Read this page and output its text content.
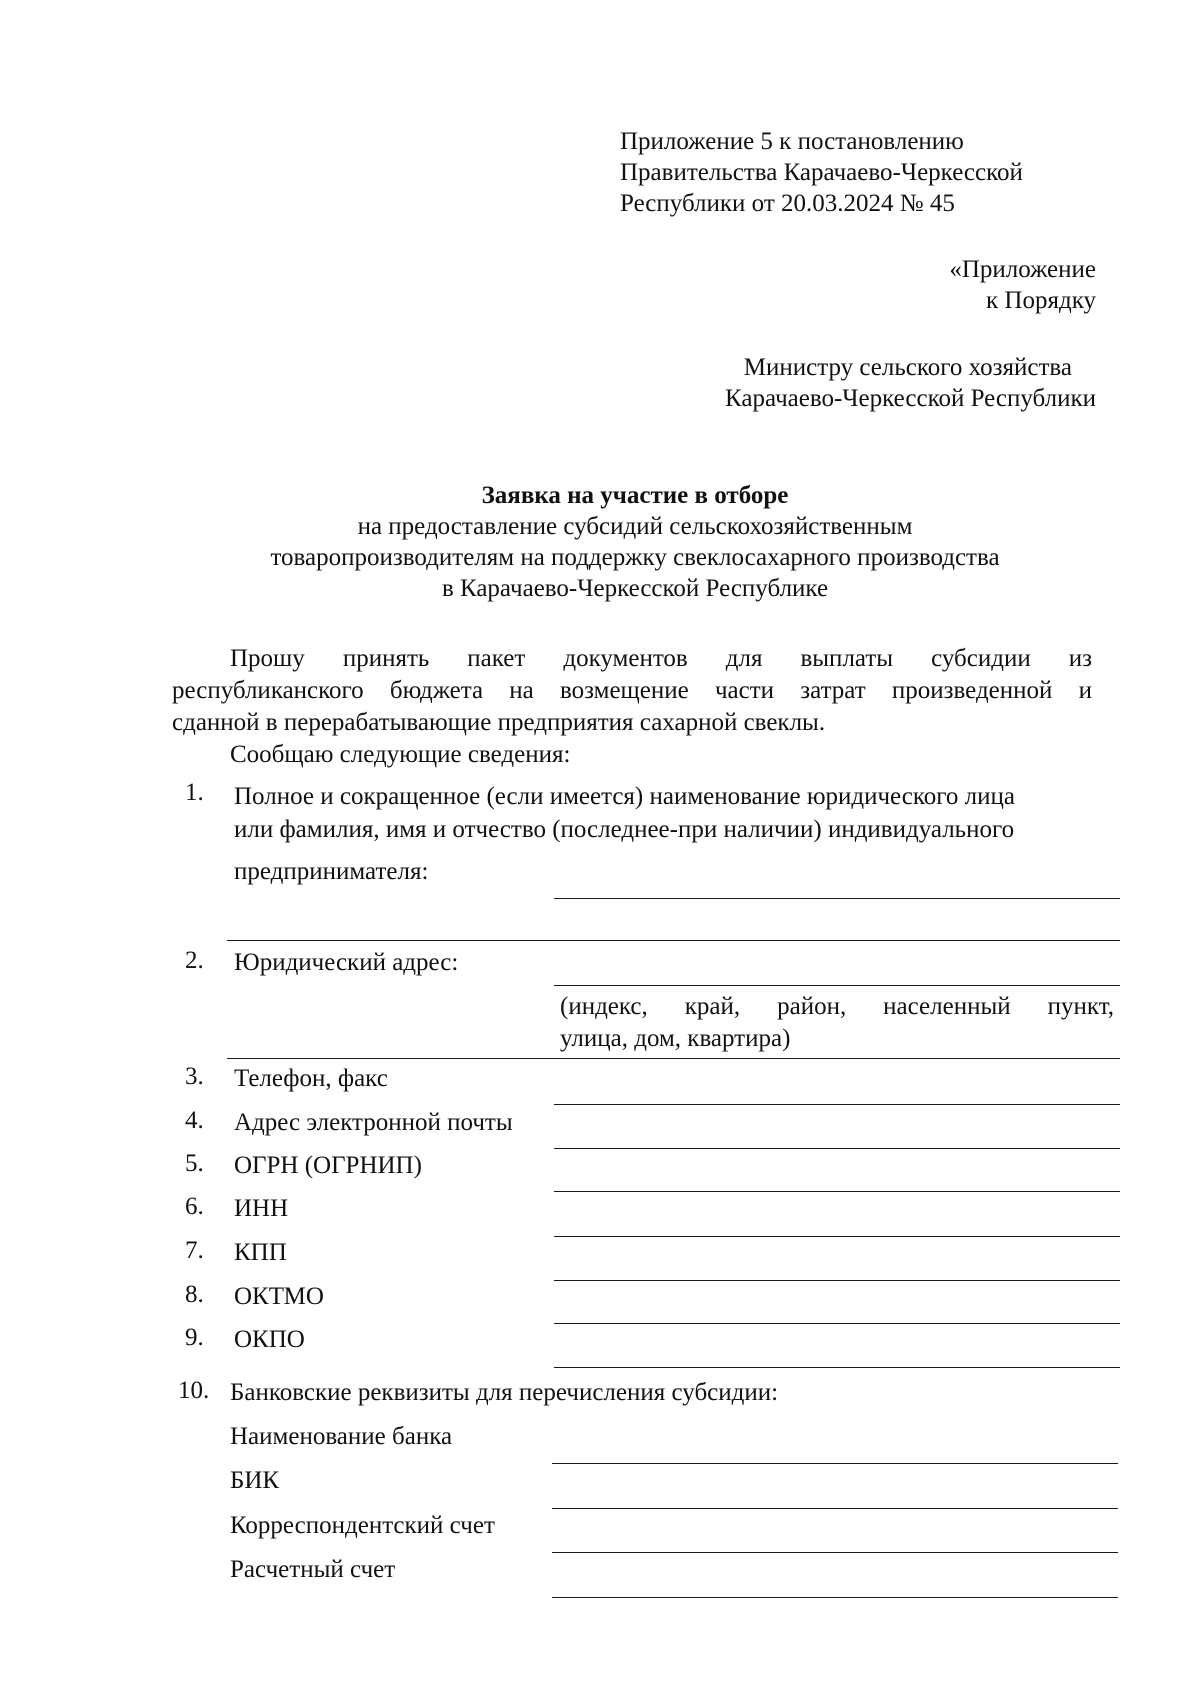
Приложение 5 к постановлению
Правительства Карачаево-Черкесской
Республики от 20.03.2024 № 45
«Приложение
к Порядку
Министру сельского хозяйства
Карачаево-Черкесской Республики
Заявка на участие в отборе
на предоставление субсидий сельскохозяйственным
товаропроизводителям на поддержку свеклосахарного производства
в Карачаево-Черкесской Республике
Прошу принять пакет документов для выплаты субсидии из
республиканского бюджета на возмещение части затрат произведенной и
сданной в перерабатывающие предприятия сахарной свеклы.
Сообщаю следующие сведения:
1. Полное и сокращенное (если имеется) наименование юридического лица
или фамилия, имя и отчество (последнее-при наличии) индивидуального
предпринимателя:
2. Юридический адрес:
(индекс, край, район, населенный пункт,
улица, дом, квартира)
3. Телефон, факс
4. Адрес электронной почты
5. ОГРН (ОГРНИП)
6. ИНН
7. КПП
8. ОКТМО
9. ОКПО
10. Банковские реквизиты для перечисления субсидии:
Наименование банка
БИК
Корреспондентский счет
Расчетный счет
